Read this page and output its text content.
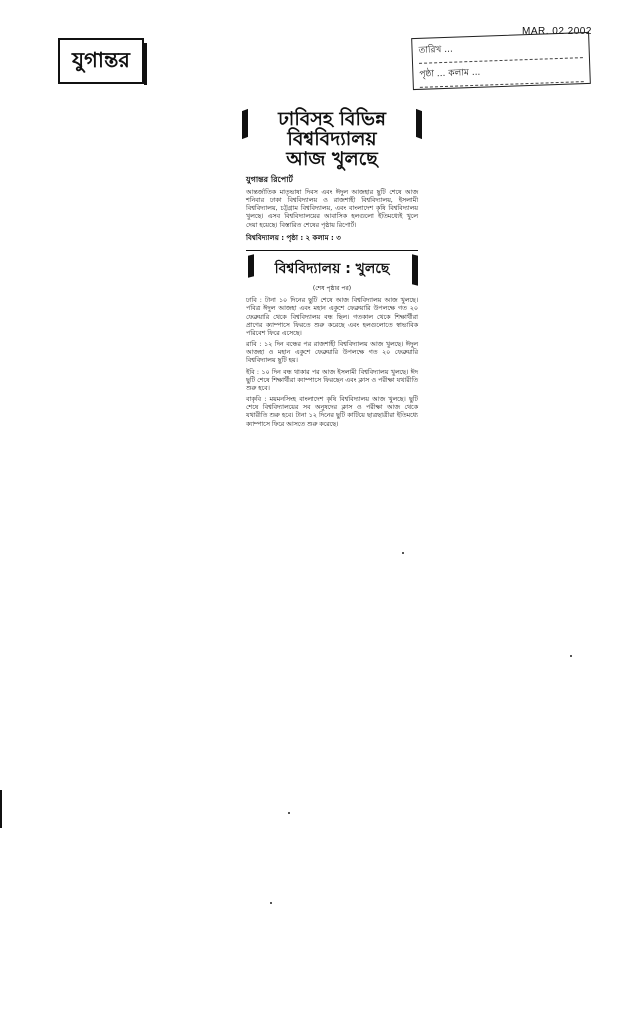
MAR. 02 2002
যুগান্তর	তারিখ ...
পৃষ্ঠা ... কলাম ...
ঢাবিসহ বিভিন্ন
বিশ্ববিদ্যালয়
আজ খুলছে
যুগান্তর রিপোর্ট
আন্তর্জাতিক মাতৃভাষা দিবস এবং ঈদুল আজহার ছুটি শেষে আজ শনিবার ঢাকা বিশ্ববিদ্যালয় ও রাজশাহী বিশ্ববিদ্যালয়, ইসলামী বিশ্ববিদ্যালয়, চট্টগ্রাম বিশ্ববিদ্যালয়, এবং বাংলাদেশ কৃষি বিশ্ববিদ্যালয় খুলছে। এসব বিশ্ববিদ্যালয়ের আবাসিক হলগুলো ইতিমধ্যেই খুলে দেয়া হয়েছে। বিস্তারিত শেষের পৃষ্ঠায় রিপোর্ট।
বিশ্ববিদ্যালয় : পৃষ্ঠা : ২ কলাম : ৩
বিশ্ববিদ্যালয় : খুলছে
(শেষ পৃষ্ঠার পর)
ঢাবি : টানা ১০ দিনের ছুটি শেষে আজ বিশ্ববিদ্যালয় আজ খুলছে। পবিত্র ঈদুল আজহা এবং মহান একুশে ফেব্রুয়ারি উপলক্ষে গত ২০ ফেব্রুয়ারি থেকে বিশ্ববিদ্যালয় বন্ধ ছিল। গতকাল থেকে শিক্ষার্থীরা প্রাণের ক্যাম্পাসে ফিরতে শুরু করেছে এবং হলগুলোতে স্বাভাবিক পরিবেশ ফিরে এসেছে।
রাবি : ১২ দিন বন্ধের পর রাজশাহী বিশ্ববিদ্যালয় আজ খুলছে। ঈদুল আজহা ও মহান একুশে ফেব্রুয়ারি উপলক্ষে গত ২০ ফেব্রুয়ারি বিশ্ববিদ্যালয় ছুটি হয়।
ইবি : ১০ দিন বন্ধ থাকার পর আজ ইসলামী বিশ্ববিদ্যালয় খুলছে। ঈদ ছুটি শেষে শিক্ষার্থীরা ক্যাম্পাসে ফিরছেন এবং ক্লাস ও পরীক্ষা যথারীতি শুরু হবে।
বাকৃবি : ময়মনসিংহ বাংলাদেশ কৃষি বিশ্ববিদ্যালয় আজ খুলছে। ছুটি শেষে বিশ্ববিদ্যালয়ের সব অনুষদের ক্লাস ও পরীক্ষা আজ থেকে যথারীতি শুরু হবে। টানা ১২ দিনের ছুটি কাটিয়ে ছাত্রছাত্রীরা ইতিমধ্যে ক্যাম্পাসে ফিরে আসতে শুরু করেছে।
